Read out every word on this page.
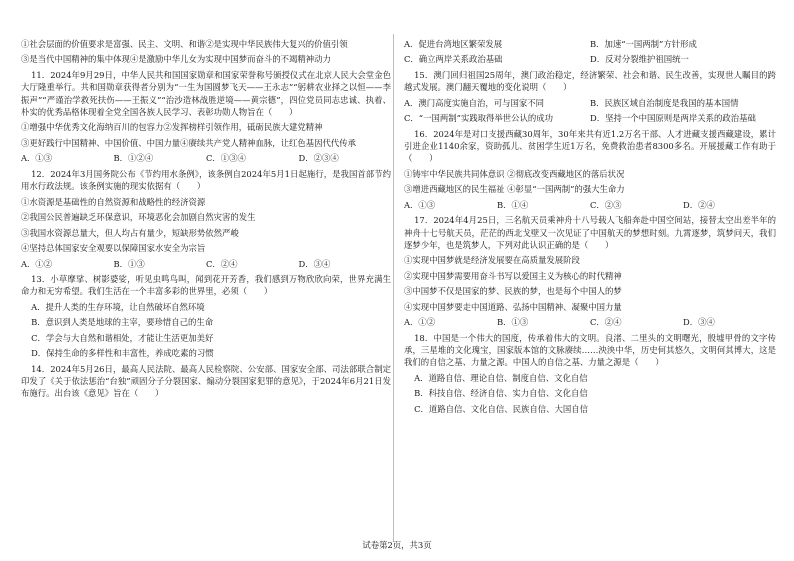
①社会层面的价值要求是富强、民主、文明、和谐②是实现中华民族伟大复兴的价值引领

③是当代中国精神的集中体现④是激励中华儿女为实现中国梦而奋斗的不竭精神动力

11．2024年9月29日，中华人民共和国国家勋章和国家荣誉称号颁授仪式在北京人民大会堂金色大厅隆重举行。共和国勋章获得者分别为“一生为国圆梦飞天——王永志”“躬耕农业择之以恒——李振声”“严谨治学救死扶伤——王振义”“治沙造林战胜逆境——黄宗德”，四位党员同志忠诚、执着、朴实的优秀品格体现着全党全国各族人民学习、表彰功勋人物旨在（　　）

①增强中华优秀文化海纳百川的包容力②发挥榜样引领作用，砥砺民族大建党精神

③更好践行中国精神、中国价值、中国力量④赓续共产党人精神血脉，让红色基因代代传承

A．①③	B．①②④	C．①③④	D．②③④

12．2024年3月国务院公布《节约用水条例》，该条例自2024年5月1日起施行，是我国首部节约用水行政法规。该条例实施的现实依据有（　　）

①水资源是基础性的自然资源和战略性的经济资源

②我国公民普遍缺乏环保意识，环境恶化会加剧自然灾害的发生

③我国水资源总量大，但人均占有量少，短缺形势依然严峻

④坚持总体国家安全观要以保障国家水安全为宗旨

A．①②	B．①③	C．②④	D．③④

13．小草摩挲、树影婆娑，听见虫鸣鸟叫，闻到花开芳香，我们感到万物欣欣向荣，世界充满生命力和无穷希望。我们生活在一个丰富多彩的世界里，必须（　　）

A．提升人类的生存环境，让自然破坏自然环境

B．意识到人类是地球的主宰，要珍惜自己的生命

C．学会与大自然和谐相处，才能让生活更加美好

D．保持生命的多样性和丰富性，养成吃素的习惯

14．2024年5月26日，最高人民法院、最高人民检察院、公安部、国家安全部、司法部联合制定印发了《关于依法惩治“台独”顽固分子分裂国家、煽动分裂国家犯罪的意见》，于2024年6月21日发布施行。出台该《意见》旨在（　　）

A．促进台湾地区繁荣发展	B．加速“一国两制”方针形成
C．确立两岸关系政治基础	D．反对分裂维护祖国统一

15．澳门回归祖国25周年，澳门政治稳定，经济繁荣、社会和谐、民生改善，实现世人瞩目的跨越式发展。澳门翻天覆地的变化说明（　　）

A．澳门高度实施自治，可与国家不同	B．民族区域自治制度是我国的基本国情
C．“一国两制”实践取得举世公认的成功	D．坚持一个中国原则是两岸关系的政治基础

16．2024年是对口支援西藏30周年，30年来共有近1.2万名干部、人才进藏支援西藏建设，累计引进企业1140余家，资助孤儿、贫困学生近1万名，免费救治患者8300多名。开展援藏工作有助于（　　）

①铸牢中华民族共同体意识 ②彻底改变西藏地区的落后状况

③增进西藏地区的民生福祉 ④彰显“一国两制”的强大生命力

A．①③	B．①④	C．②③	D．②④

17．2024年4月25日，三名航天员乘神舟十八号载人飞船奔赴中国空间站，接替太空出差半年的神舟十七号航天员，茫茫的西北戈壁又一次见证了中国航天的梦想时刻。九霄逐梦，筑梦问天，我们逐梦少年，也是筑梦人，下列对此认识正确的是（　　）

①实现中国梦就是经济发展要在高质量发展阶段

②实现中国梦需要用奋斗书写以爱国主义为核心的时代精神

③中国梦不仅是国家的梦、民族的梦，也是每个中国人的梦

④实现中国梦要走中国道路、弘扬中国精神、凝聚中国力量

A．①②	B．①③	C．②④	D．③④

18．中国是一个伟大的国度，传承着伟大的文明。良渚、二里头的文明曙光，殷墟甲骨的文字传承，三星堆的文化瑰宝，国家版本馆的文脉赓续……泱泱中华，历史何其悠久，文明何其博大，这是我们的自信之基、力量之源。中国人的自信之基、力量之源是（　　）

A．道路自信、理论自信、制度自信、文化自信

B．科技自信、经济自信、实力自信、文化自信

C．道路自信、文化自信、民族自信、大国自信

试卷第2页，共3页
